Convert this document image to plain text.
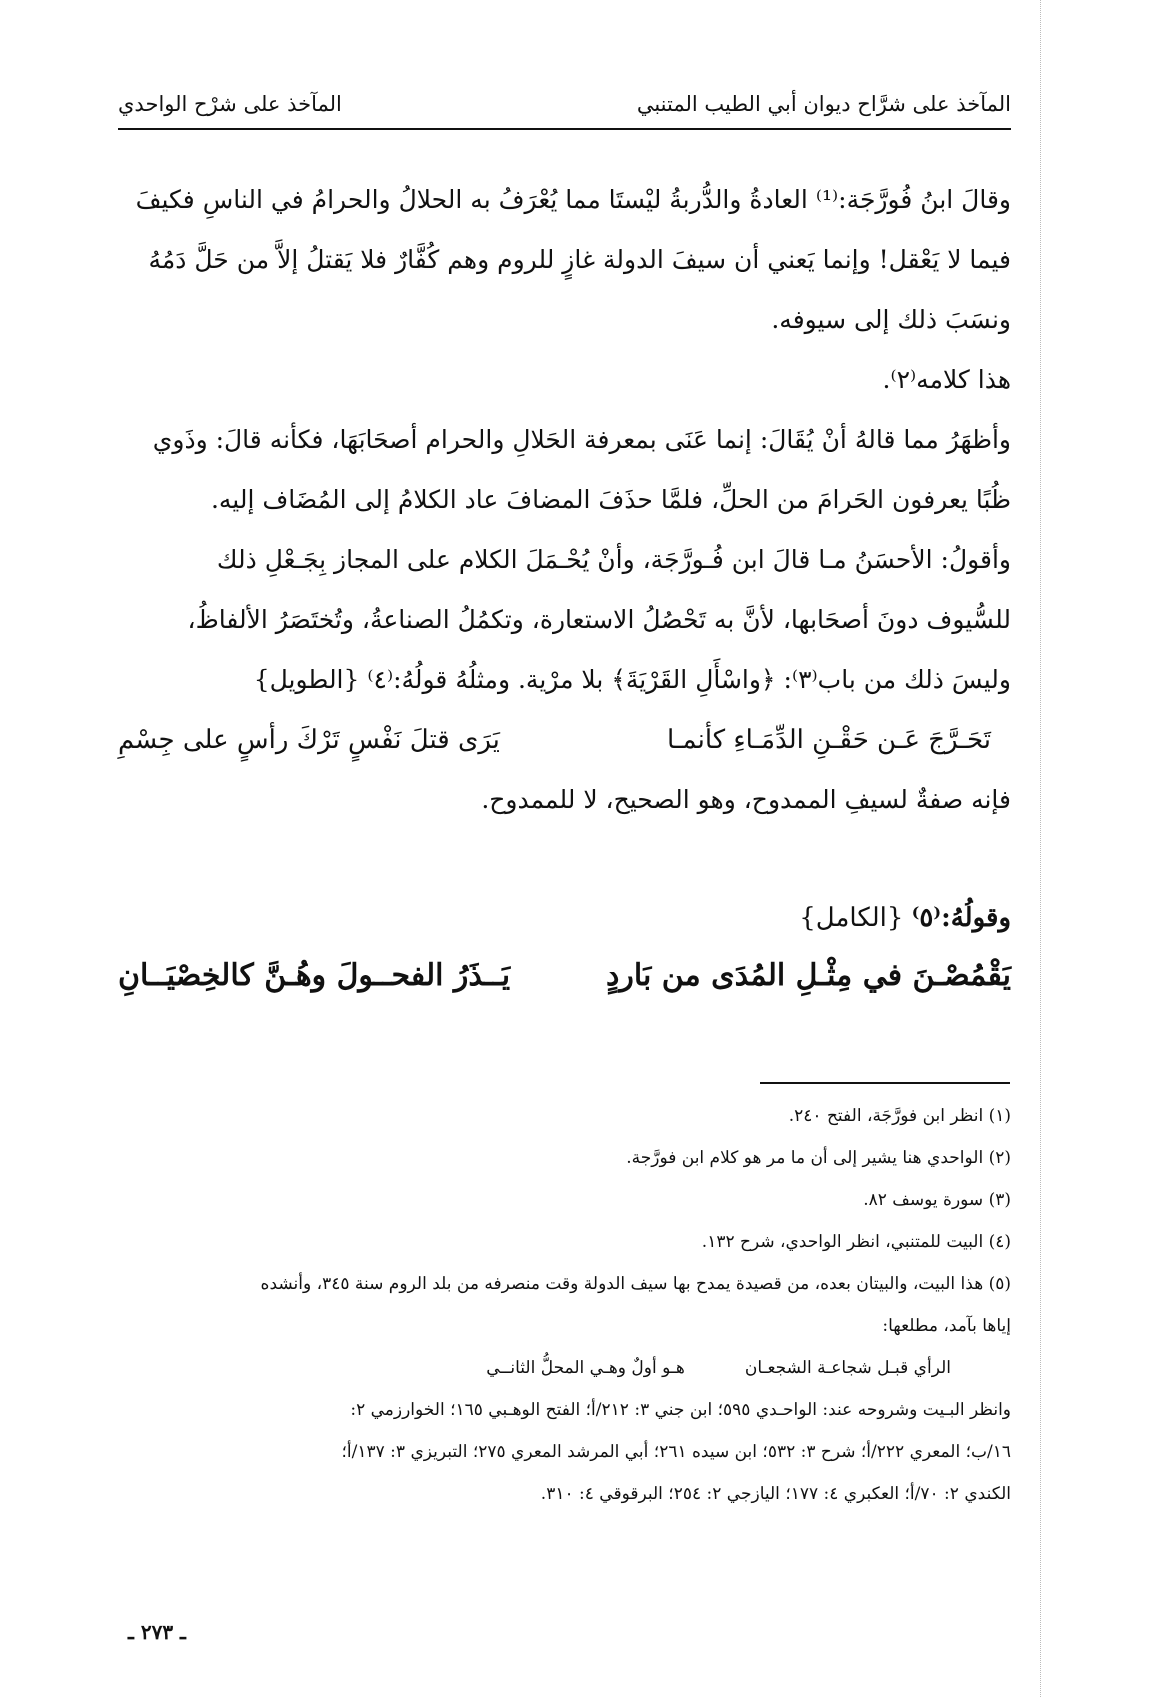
المآخذ على شرَّاح ديوان أبي الطيب المتنبي
المآخذ على شرْح الواحدي
وقالَ ابنُ فُورَّجَة:⁽¹⁾ العادةُ والدُّربةُ ليْستَا مما يُعْرَفُ به الحلالُ والحرامُ في الناسِ فكيفَ
فيما لا يَعْقل! وإنما يَعني أن سيفَ الدولة غازٍ للروم وهم كُفَّارٌ فلا يَقتلُ إلاَّ من حَلَّ دَمُهُ
ونسَبَ ذلك إلى سيوفه.
هذا كلامه⁽٢⁾.
وأظهَرُ مما قالهُ أنْ يُقَالَ: إنما عَنَى بمعرفة الحَلالِ والحرام أصحَابَهَا، فكأنه قالَ: وذَوي
ظُبًا يعرفون الحَرامَ من الحلِّ، فلمَّا حذَفَ المضافَ عاد الكلامُ إلى المُضَاف إليه.
وأقولُ: الأحسَنُ مـا قالَ ابن فُـورَّجَة، وأنْ يُحْـمَلَ الكلام على المجاز بِجَـعْلِ ذلك
للسُّيوف دونَ أصحَابها، لأنَّ به تَحْصُلُ الاستعارة، وتكمُلُ الصناعةُ، وتُختَصَرُ الألفاظُ،
وليسَ ذلك من باب⁽٣⁾: ﴿واسْأَلِ القَرْيَةَ﴾ بلا مرْية. ومثلُهُ قولُهُ:⁽٤⁾ {الطويل}
تَحَـرَّجَ عَـن حَقْـنِ الدِّمَـاءِ كأنمـا
يَرَى قتلَ نَفْسٍ تَرْكَ رأسٍ على جِسْمِ
فإنه صفةٌ لسيفِ الممدوح، وهو الصحيح، لا للممدوح.
وقولُهُ:⁽٥⁾ {الكامل}
يَقْمُصْـنَ في مِثْـلِ المُدَى من بَاردٍ
يَــذَرُ الفحــولَ وهُـنَّ كالخِصْيَــانِ
(١) انظر ابن فورَّجَة، الفتح ٢٤٠.
(٢) الواحدي هنا يشير إلى أن ما مر هو كلام ابن فورَّجة.
(٣) سورة يوسف ٨٢.
(٤) البيت للمتنبي، انظر الواحدي، شرح ١٣٢.
(٥) هذا البيت، والبيتان بعده، من قصيدة يمدح بها سيف الدولة وقت منصرفه من بلد الروم سنة ٣٤٥، وأنشده
إياها بآمد، مطلعها:
الرأي قبـل شجاعـة الشجعـان
هـو أولٌ وهـي المحلُّ الثانــي
وانظر البـيت وشروحه عند: الواحـدي ٥٩٥؛ ابن جني ٣: ٢١٢/أ؛ الفتح الوهـبي ١٦٥؛ الخوارزمي ٢:
١٦/ب؛ المعري ٢٢٢/أ؛ شرح ٣: ٥٣٢؛ ابن سيده ٢٦١؛ أبي المرشد المعري ٢٧٥؛ التبريزي ٣: ١٣٧/أ؛
الكندي ٢: ٧٠/أ؛ العكبري ٤: ١٧٧؛ اليازجي ٢: ٢٥٤؛ البرقوقي ٤: ٣١٠.
ـ ٢٧٣ ـ
